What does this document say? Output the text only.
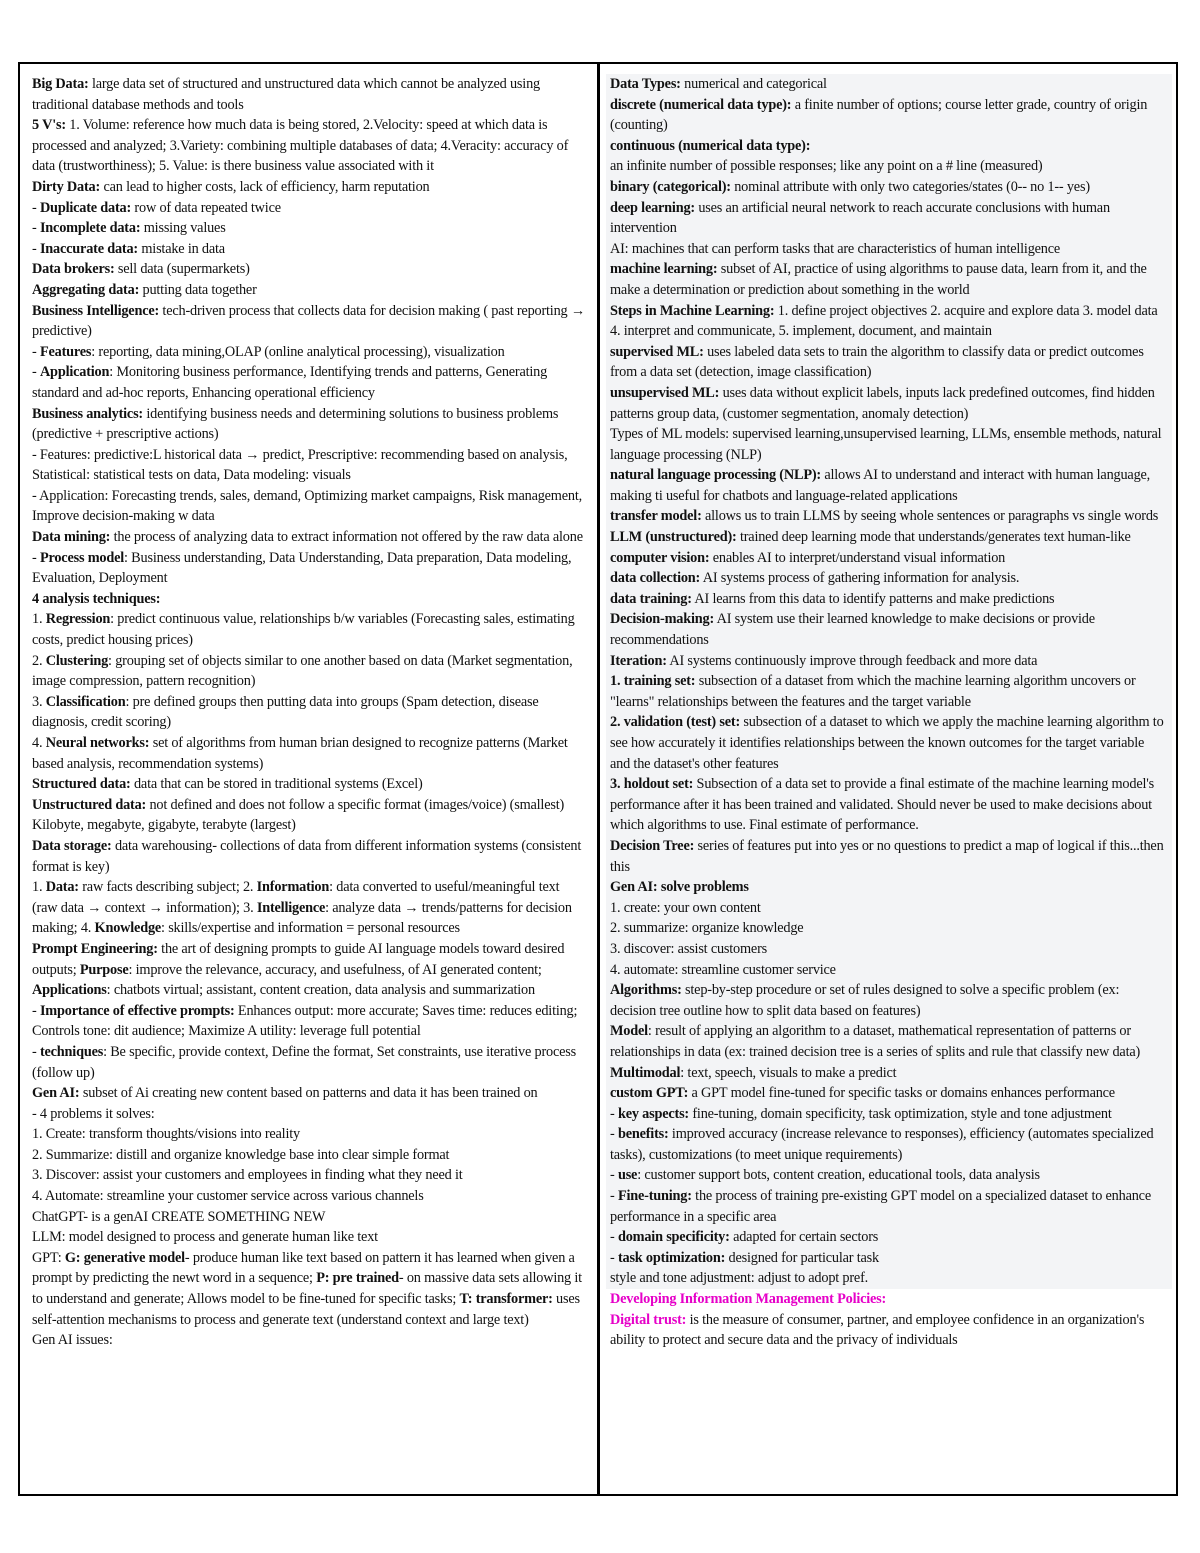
Big Data: large data set of structured and unstructured data which cannot be analyzed using traditional database methods and tools

5 V's: 1. Volume: reference how much data is being stored, 2.Velocity: speed at which data is processed and analyzed; 3.Variety: combining multiple databases of data; 4.Veracity: accuracy of data (trustworthiness); 5. Value: is there business value associated with it

Dirty Data: can lead to higher costs, lack of efficiency, harm reputation

- Duplicate data: row of data repeated twice

- Incomplete data: missing values

- Inaccurate data: mistake in data

Data brokers: sell data (supermarkets)

Aggregating data: putting data together

Business Intelligence: tech-driven process that collects data for decision making ( past reporting → predictive)

- Features: reporting, data mining,OLAP (online analytical processing), visualization

- Application: Monitoring business performance, Identifying trends and patterns, Generating standard and ad-hoc reports, Enhancing operational efficiency

Business analytics: identifying business needs and determining solutions to business problems (predictive + prescriptive actions)

- Features: predictive:L historical data → predict, Prescriptive: recommending based on analysis, Statistical: statistical tests on data, Data modeling: visuals

- Application: Forecasting trends, sales, demand, Optimizing market campaigns, Risk management, Improve decision-making w data

Data mining: the process of analyzing data to extract information not offered by the raw data alone

- Process model: Business understanding, Data Understanding, Data preparation, Data modeling, Evaluation, Deployment

4 analysis techniques:

1. Regression: predict continuous value, relationships b/w variables (Forecasting sales, estimating costs, predict housing prices)

2. Clustering: grouping set of objects similar to one another based on data (Market segmentation, image compression, pattern recognition)

3. Classification: pre defined groups then putting data into groups (Spam detection, disease diagnosis, credit scoring)

4. Neural networks: set of algorithms from human brian designed to recognize patterns (Market based analysis, recommendation systems)

Structured data: data that can be stored in traditional systems (Excel)

Unstructured data: not defined and does not follow a specific format (images/voice) (smallest) Kilobyte, megabyte, gigabyte, terabyte (largest)

Data storage: data warehousing- collections of data from different information systems (consistent format is key)

1. Data: raw facts describing subject; 2. Information: data converted to useful/meaningful text (raw data → context → information); 3. Intelligence: analyze data → trends/patterns for decision making; 4. Knowledge: skills/expertise and information = personal resources

Prompt Engineering: the art of designing prompts to guide AI language models toward desired outputs; Purpose: improve the relevance, accuracy, and usefulness, of AI generated content; Applications: chatbots virtual; assistant, content creation, data analysis and summarization

- Importance of effective prompts: Enhances output: more accurate; Saves time: reduces editing; Controls tone: dit audience; Maximize A utility: leverage full potential

- techniques: Be specific, provide context, Define the format, Set constraints, use iterative process (follow up)

Gen AI: subset of Ai creating new content based on patterns and data it has been trained on

- 4 problems it solves:

1. Create: transform thoughts/visions into reality

2. Summarize: distill and organize knowledge base into clear simple format

3. Discover: assist your customers and employees in finding what they need it

4. Automate: streamline your customer service across various channels

ChatGPT- is a genAI CREATE SOMETHING NEW

LLM: model designed to process and generate human like text

GPT: G: generative model- produce human like text based on pattern it has learned when given a prompt by predicting the newt word in a sequence; P: pre trained- on massive data sets allowing it to understand and generate; Allows model to be fine-tuned for specific tasks; T: transformer: uses self-attention mechanisms to process and generate text (understand context and large text)

Gen AI issues:

Data Types: numerical and categorical

discrete (numerical data type): a finite number of options; course letter grade, country of origin (counting)

continuous (numerical data type):

an infinite number of possible responses; like any point on a # line (measured)

binary (categorical): nominal attribute with only two categories/states (0-- no 1-- yes)

deep learning: uses an artificial neural network to reach accurate conclusions with human intervention

AI: machines that can perform tasks that are characteristics of human intelligence

machine learning: subset of AI, practice of using algorithms to pause data, learn from it, and the make a determination or prediction about something in the world

Steps in Machine Learning: 1. define project objectives 2. acquire and explore data 3. model data 4. interpret and communicate, 5. implement, document, and maintain

supervised ML: uses labeled data sets to train the algorithm to classify data or predict outcomes from a data set (detection, image classification)

unsupervised ML: uses data without explicit labels, inputs lack predefined outcomes, find hidden patterns group data, (customer segmentation, anomaly detection)

Types of ML models: supervised learning,unsupervised learning, LLMs, ensemble methods, natural language processing (NLP)

natural language processing (NLP): allows AI to understand and interact with human language, making ti useful for chatbots and language-related applications

transfer model: allows us to train LLMS by seeing whole sentences or paragraphs vs single words

LLM (unstructured): trained deep learning mode that understands/generates text human-like

computer vision: enables AI to interpret/understand visual information

data collection: AI systems process of gathering information for analysis.

data training: AI learns from this data to identify patterns and make predictions

Decision-making: AI system use their learned knowledge to make decisions or provide recommendations

Iteration: AI systems continuously improve through feedback and more data

1. training set: subsection of a dataset from which the machine learning algorithm uncovers or "learns" relationships between the features and the target variable

2. validation (test) set: subsection of a dataset to which we apply the machine learning algorithm to see how accurately it identifies relationships between the known outcomes for the target variable and the dataset's other features

3. holdout set: Subsection of a data set to provide a final estimate of the machine learning model's performance after it has been trained and validated. Should never be used to make decisions about which algorithms to use. Final estimate of performance.

Decision Tree: series of features put into yes or no questions to predict a map of logical if this...then this

Gen AI: solve problems

1. create: your own content

2. summarize: organize knowledge

3. discover: assist customers

4. automate: streamline customer service

Algorithms: step-by-step procedure or set of rules designed to solve a specific problem (ex: decision tree outline how to split data based on features)

Model: result of applying an algorithm to a dataset, mathematical representation of patterns or relationships in data (ex: trained decision tree is a series of splits and rule that classify new data)

Multimodal: text, speech, visuals to make a predict

custom GPT: a GPT model fine-tuned for specific tasks or domains enhances performance

- key aspects: fine-tuning, domain specificity, task optimization, style and tone adjustment

- benefits: improved accuracy (increase relevance to responses), efficiency (automates specialized tasks), customizations (to meet unique requirements)

- use: customer support bots, content creation, educational tools, data analysis

- Fine-tuning: the process of training pre-existing GPT model on a specialized dataset to enhance performance in a specific area

- domain specificity: adapted for certain sectors

- task optimization: designed for particular task

style and tone adjustment: adjust to adopt pref.

Developing Information Management Policies:

Digital trust: is the measure of consumer, partner, and employee confidence in an organization's ability to protect and secure data and the privacy of individuals
